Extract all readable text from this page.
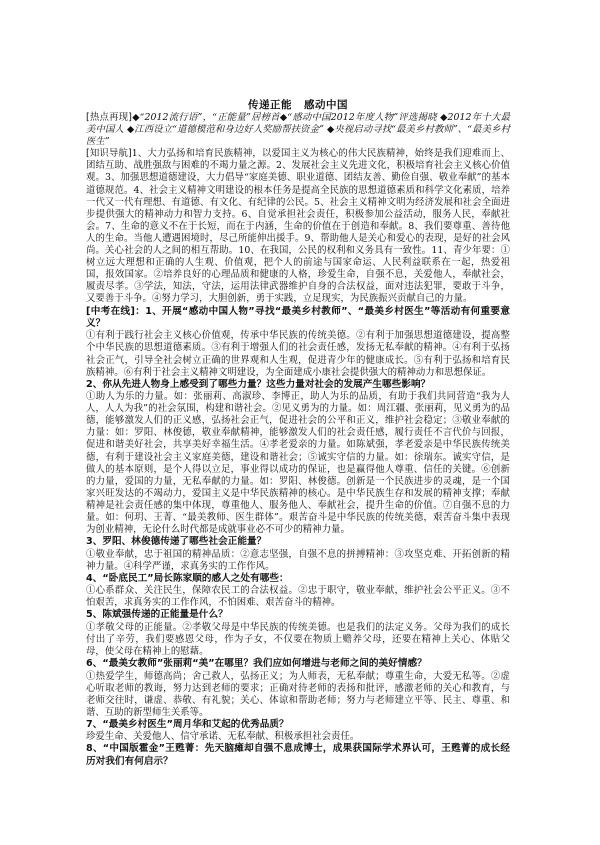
传递正能 感动中国

[热点再现]◆“2012流行语”，“正能量”居榜首◆“感动中国2012年度人物”评选揭晓 ◆2012年十大最美中国人 ◆江西设立“道德模范和身边好人奖励帮扶资金” ◆央视启动寻找“最美乡村教师”、“最美乡村医生”

[知识导航]1、大力弘扬和培育民族精神，以爱国主义为核心的伟大民族精神，始终是我们迎难而上、团结互助、战胜强敌与困难的不竭力量之源。2、发展社会主义先进文化，积极培育社会主义核心价值观。3、加强思想道德建设，大力倡导“家庭美德、职业道德、团结友善、勤俭自强、敬业奉献”的基本道德规范。4、社会主义精神文明建设的根本任务是提高全民族的思想道德素质和科学文化素质，培养一代又一代有理想、有道德、有文化、有纪律的公民。5、社会主义精神文明为经济发展和社会全面进步提供强大的精神动力和智力支持。6、自觉承担社会责任，积极参加公益活动，服务人民，奉献社会。7、生命的意义不在于长短，而在于内涵，生命的价值在于创造和奉献。8、我们要尊重、善待他人的生命。当他人遭遇困境时，尽己所能伸出援手。9、帮助他人是关心和爱心的表现，是好的社会风尚。关心社会的人之间的相互帮助。10、在我国，公民的权利和义务具有一致性。11、青少年要：①树立远大理想和正确的人生观、价值观，把个人的前途与国家命运、人民利益联系在一起，热爱祖国，报效国家。②培养良好的心理品质和健康的人格，珍爱生命，自强不息，关爱他人，奉献社会，履责尽孝。③学法，知法，守法，运用法律武器维护自身的合法权益，面对违法犯罪，要敢于斗争，又要善于斗争。④努力学习，大胆创新，勇于实践，立足现实，为民族振兴贡献自己的力量。

[中考在线]：1、开展“感动中国人物”寻找“最美乡村教师”、“最美乡村医生”等活动有何重要意义？

①有利于践行社会主义核心价值观，传承中华民族的传统美德。②有利于加强思想道德建设，提高整个中华民族的思想道德素质。③有利于增强人们的社会责任感，发扬无私奉献的精神。④有利于弘扬社会正气，引导全社会树立正确的世界观和人生观，促进青少年的健康成长。⑤有利于弘扬和培育民族精神。⑥有利于社会主义精神文明建设，为全面建成小康社会提供强大的精神动力和思想保证。

2、你从先进人物身上感受到了哪些力量？这些力量对社会的发展产生哪些影响？

①助人为乐的力量。如：张丽莉、高淑珍、李博正，助人为乐的品质，有助于我们共同营造“我为人人，人人为我”的社会氛围，构建和谐社会。②见义勇为的力量。如：周江疆、张丽莉，见义勇为的品德，能够激发人们的正义感，弘扬社会正气，促进社会的公平和正义，维护社会稳定；③敬业奉献的力量：如：罗阳、林俊德，敬业奉献精神，能够激发人们的社会责任感，履行责任不言代价与回报，促进和谐美好社会，共享美好幸福生活。④孝老爱亲的力量。如陈斌强，孝老爱亲是中华民族传统美德，有利于建设社会主义家庭美德，建设和谐社会；⑤诚实守信的力量。如：徐瑞东。诚实守信，是做人的基本原则，是个人得以立足，事业得以成功的保证，也是赢得他人尊重、信任的关键。⑥创新的力量，爱国的力量，无私奉献的力量。如：罗阳、林俊德。创新是一个民族进步的灵魂，是一个国家兴旺发达的不竭动力，爱国主义是中华民族精神的核心。是中华民族生存和发展的精神支撑；奉献精神是社会责任感的集中体现，尊重他人、服务他人、奉献社会，提升生命的价值。⑦自强不息的力量。如：何玥、王菁、“最美教师、医生群体”。艰苦奋斗是中华民族的传统美德，艰苦奋斗集中表现为创业精神，无论什么时代都是成就事业必不可少的精神力量。

3、罗阳、林俊德传递了哪些社会正能量？

①敬业奉献，忠于祖国的精神品质：②意志坚强，自强不息的拼搏精神：③攻坚克难、开拓创新的精神力量。④科学严谨，求真务实的工作作风。

4、“卧底民工”局长陈家顺的感人之处有哪些：

①心系群众、关注民生，保障农民工的合法权益。②忠于职守，敬业奉献，维护社会公平正义。③不怕艰苦，求真务实的工作作风，不怕困难、艰苦奋斗的精神。

5、陈斌强传递的正能量是什么？

①孝敬父母的正能量。②孝敬父母是中华民族的传统美德。也是我们的法定义务。父母为我们的成长付出了辛劳，我们要感恩父母，作为子女，不仅要在物质上赡养父母，还要在精神上关心、体贴父母，使父母在精神上的慰藉。

6、“最美女教师”张丽莉“美”在哪里？我们应如何增进与老师之间的美好情感？

①热爱学生，师德高尚；舍己救人，弘扬正义；为人师表，无私奉献；尊重生命，大爱无私等。②虚心听取老师的教诲，努力达到老师的要求；正确对待老师的表扬和批评，感激老师的关心和教育，与老师交往时，谦虚、恭敬、有礼貌；关心、体谅和帮助老师；努力与老师建立平等、民主、尊重、和谐、互助的新型师生关系等。

7、“最美乡村医生”周月华和艾起的优秀品质？

珍爱生命、关爱他人、信守承诺、无私奉献、积极承担社会责任。

8、“中国版霍金”王甦菁：先天脑瘫却自强不息成博士，成果获国际学术界认可，王甦菁的成长经历对我们有何启示？
